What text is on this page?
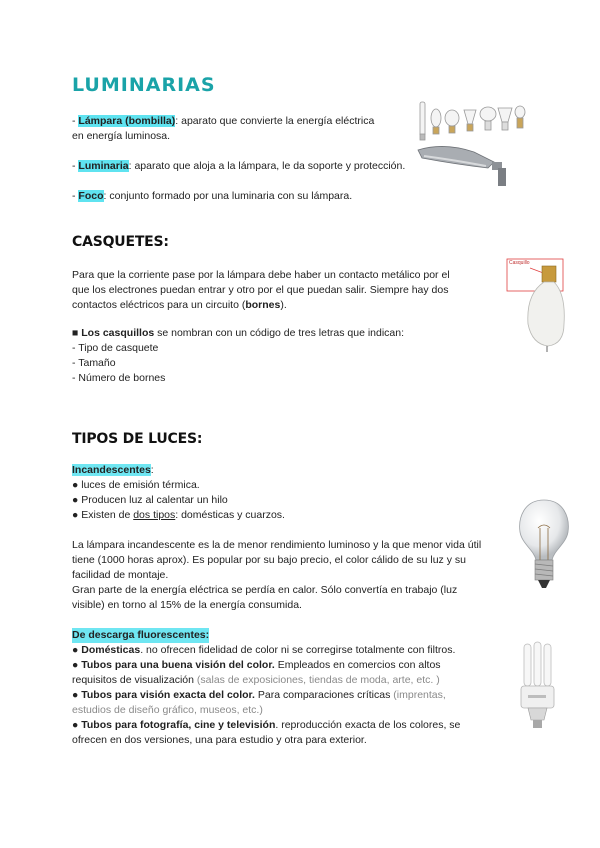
LUMINARIAS
- Lámpara (bombilla): aparato que convierte la energía eléctrica
en energía luminosa.
- Luminaria: aparato que aloja a la lámpara, le da soporte y protección.
- Foco: conjunto formado por una luminaria con su lámpara.
CASQUETES:
Para que la corriente pase por la lámpara debe haber un contacto metálico por el
que los electrones puedan entrar y otro por el que puedan salir. Siempre hay dos
contactos eléctricos para un circuito (bornes).
■ Los casquillos se nombran con un código de tres letras que indican:
- Tipo de casquete
- Tamaño
- Número de bornes
Casquillo
TIPOS DE LUCES:
Incandescentes:
● luces de emisión térmica.
● Producen luz al calentar un hilo
● Existen de dos tipos: domésticas y cuarzos.
La lámpara incandescente es la de menor rendimiento luminoso y la que menor vida útil
tiene (1000 horas aprox). Es popular por su bajo precio, el color cálido de su luz y su
facilidad de montaje.
Gran parte de la energía eléctrica se perdía en calor. Sólo convertía en trabajo (luz
visible) en torno al 15% de la energía consumida.
De descarga fluorescentes:
● Domésticas. no ofrecen fidelidad de color ni se corregirse totalmente con filtros.
● Tubos para una buena visión del color. Empleados en comercios con altos
requisitos de visualización (salas de exposiciones, tiendas de moda, arte, etc. )
● Tubos para visión exacta del color. Para comparaciones críticas (imprentas,
estudios de diseño gráfico, museos, etc.)
● Tubos para fotografía, cine y televisión. reproducción exacta de los colores, se
ofrecen en dos versiones, una para estudio y otra para exterior.
